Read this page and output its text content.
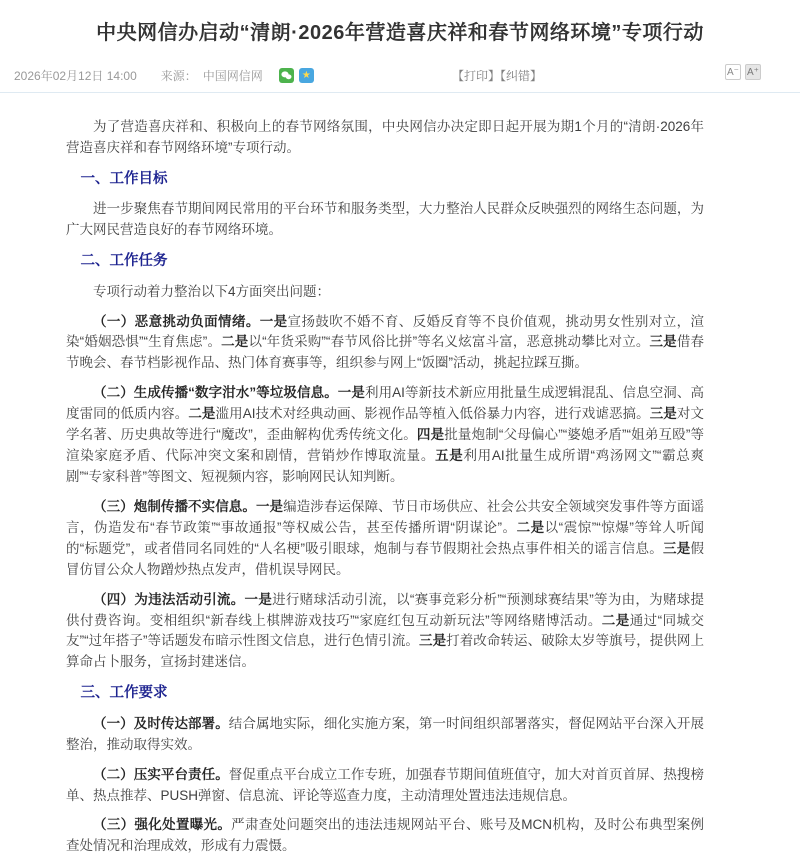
中央网信办启动“清朗·2026年营造喜庆祥和春节网络环境”专项行动
2026年02月12日 14:00 来源： 中国网信网	★	【打印】【纠错】	A⁻ A⁺

为了营造喜庆祥和、积极向上的春节网络氛围，中央网信办决定即日起开展为期1个月的“清朗·2026年营造喜庆祥和春节网络环境”专项行动。

一、工作目标

进一步聚焦春节期间网民常用的平台环节和服务类型，大力整治人民群众反映强烈的网络生态问题，为广大网民营造良好的春节网络环境。

二、工作任务

专项行动着力整治以下4方面突出问题：

（一）恶意挑动负面情绪。一是宣扬鼓吹不婚不育、反婚反育等不良价值观，挑动男女性别对立，渲染“婚姻恐惧”“生育焦虑”。二是以“年货采购”“春节风俗比拼”等名义炫富斗富，恶意挑动攀比对立。三是借春节晚会、春节档影视作品、热门体育赛事等，组织参与网上“饭圈”活动，挑起拉踩互撕。

（二）生成传播“数字泔水”等垃圾信息。一是利用AI等新技术新应用批量生成逻辑混乱、信息空洞、高度雷同的低质内容。二是滥用AI技术对经典动画、影视作品等植入低俗暴力内容，进行戏谑恶搞。三是对文学名著、历史典故等进行“魔改”，歪曲解构优秀传统文化。四是批量炮制“父母偏心”“婆媳矛盾”“姐弟互殴”等渲染家庭矛盾、代际冲突文案和剧情，营销炒作博取流量。五是利用AI批量生成所谓“鸡汤网文”“霸总爽剧”“专家科普”等图文、短视频内容，影响网民认知判断。

（三）炮制传播不实信息。一是编造涉春运保障、节日市场供应、社会公共安全领域突发事件等方面谣言，伪造发布“春节政策”“事故通报”等权威公告，甚至传播所谓“阴谋论”。二是以“震惊”“惊爆”等耸人听闻的“标题党”，或者借同名同姓的“人名梗”吸引眼球，炮制与春节假期社会热点事件相关的谣言信息。三是假冒仿冒公众人物蹭炒热点发声，借机误导网民。

（四）为违法活动引流。一是进行赌球活动引流，以“赛事竞彩分析”“预测球赛结果”等为由，为赌球提供付费咨询。变相组织“新春线上棋牌游戏技巧”“家庭红包互动新玩法”等网络赌博活动。二是通过“同城交友”“过年搭子”等话题发布暗示性图文信息，进行色情引流。三是打着改命转运、破除太岁等旗号，提供网上算命占卜服务，宣扬封建迷信。

三、工作要求

（一）及时传达部署。结合属地实际，细化实施方案，第一时间组织部署落实，督促网站平台深入开展整治，推动取得实效。

（二）压实平台责任。督促重点平台成立工作专班，加强春节期间值班值守，加大对首页首屏、热搜榜单、热点推荐、PUSH弹窗、信息流、评论等巡查力度，主动清理处置违法违规信息。

（三）强化处置曝光。严肃查处问题突出的违法违规网站平台、账号及MCN机构，及时公布典型案例查处情况和治理成效，形成有力震慑。
